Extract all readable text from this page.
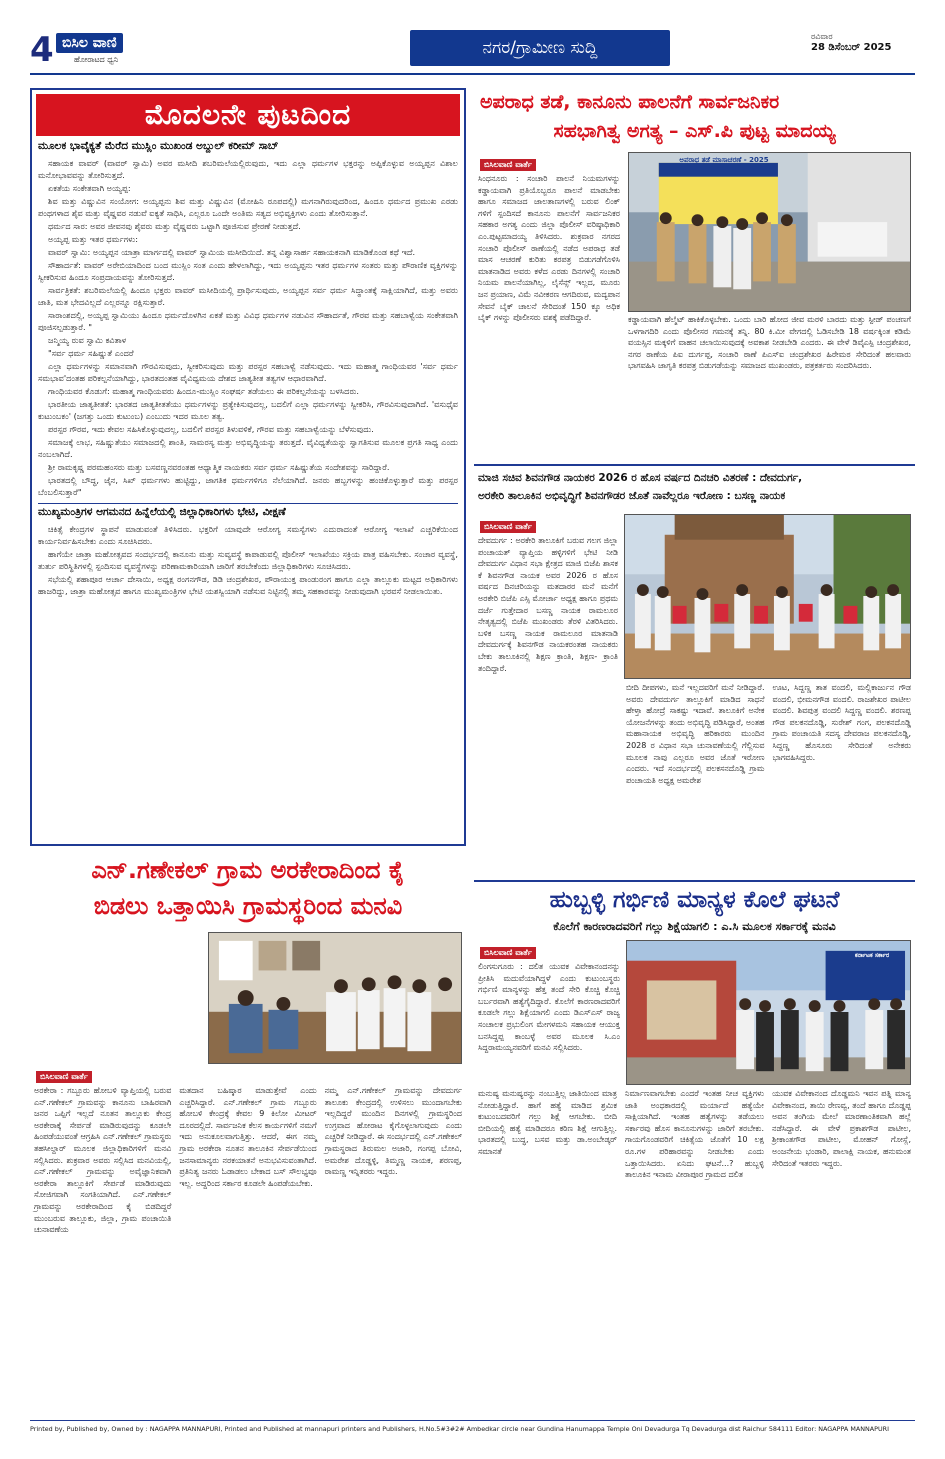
4 ಬಿಸಿಲ ವಾಣಿ
ಹೋರಾಟದ ಧ್ವನಿ
ನಗರ/ಗ್ರಾಮೀಣ ಸುದ್ದಿ
ರವಿವಾರ
28 ಡಿಸೆಂಬರ್ 2025
ಮೊದಲನೇ ಪುಟದಿಂದ
ಮೂಲಕ ಭಾವೈಕ್ಯತೆ ಮೆರೆದ ಮುಸ್ಲಿಂ ಮುಖಂಡ ಅಬ್ದುಲ್ ಕರೀಮ್ ಸಾಬ್

ಸಹಾಯಕ ವಾವರ್ (ವಾವರ್ ಸ್ವಾಮಿ) ಅವರ ಮಸೀದಿ ಶಬರಿಮಲೆಯಲ್ಲಿರುವುದು, ಇದು ಎಲ್ಲಾ ಧರ್ಮಗಳ ಭಕ್ತರನ್ನು ಅಪ್ಪಿಕೊಳ್ಳುವ ಅಯ್ಯಪ್ಪನ ವಿಶಾಲ ಮನೋಭಾವವನ್ನು ತೋರಿಸುತ್ತದೆ.

ಏಕತೆಯ ಸಂಕೇತವಾಗಿ ಅಯ್ಯಪ್ಪ:

ಶಿವ ಮತ್ತು ವಿಷ್ಣುವಿನ ಸಂಯೋಗ: ಅಯ್ಯಪ್ಪನು ಶಿವ ಮತ್ತು ವಿಷ್ಣುವಿನ (ಮೋಹಿನಿ ರೂಪದಲ್ಲಿ) ಮಗನಾಗಿರುವುದರಿಂದ, ಹಿಂದೂ ಧರ್ಮದ ಪ್ರಮುಖ ಎರಡು ಪಂಥಗಳಾದ ಶೈವ ಮತ್ತು ವೈಷ್ಣವರ ನಡುವೆ ಐಕ್ಯತೆ ಸಾಧಿಸಿ, ಎಲ್ಲರೂ ಒಂದೇ ಅಂತಿಮ ಸತ್ಯದ ಅಭಿವ್ಯಕ್ತಿಗಳು ಎಂದು ತೋರಿಸುತ್ತಾನೆ.

ಧರ್ಮದ ಸಾರ: ಅವರ ಜೀವನವು ಶೈವರು ಮತ್ತು ವೈಷ್ಣವರು ಒಟ್ಟಾಗಿ ಪೂಜಿಸುವ ಪ್ರೇರಣೆ ನೀಡುತ್ತದೆ.

ಅಯ್ಯಪ್ಪ ಮತ್ತು ಇತರ ಧರ್ಮಗಳು:

ವಾವರ್ ಸ್ವಾಮಿ: ಅಯ್ಯಪ್ಪನ ಯಾತ್ರಾ ಮಾರ್ಗದಲ್ಲಿ ವಾವರ್ ಸ್ವಾಮಿಯ ಮಸೀದಿಯಿದೆ. ತನ್ನ ವಿಶ್ವಾಸಾರ್ಹ ಸಹಾಯಕನಾಗಿ ಮಾಡಿಕೊಂಡ ಕಥೆ ಇದೆ.

ಸೌಹಾರ್ದತೆ: ವಾವರ್ ಅರೇಬಿಯಾದಿಂದ ಬಂದ ಮುಸ್ಲಿಂ ಸಂತ ಎಂದು ಹೇಳಲಾಗಿದ್ದು, ಇದು ಅಯ್ಯಪ್ಪನು ಇತರ ಧರ್ಮಗಳ ಸಂತರು ಮತ್ತು ಪೌರಾಣಿಕ ವ್ಯಕ್ತಿಗಳನ್ನು ಸ್ವೀಕರಿಸುವ ಹಿಂದೂ ಸಂಪ್ರದಾಯವನ್ನು ತೋರಿಸುತ್ತದೆ.

ಸಾರ್ವತ್ರಿಕತೆ: ಶಬರಿಮಲೆಯಲ್ಲಿ ಹಿಂದೂ ಭಕ್ತರು ವಾವರ್ ಮಸೀದಿಯಲ್ಲಿ ಪ್ರಾರ್ಥಿಸುವುದು, ಅಯ್ಯಪ್ಪನ ಸರ್ವ ಧರ್ಮ ಸಿದ್ಧಾಂತಕ್ಕೆ ಸಾಕ್ಷಿಯಾಗಿದೆ, ಮತ್ತು ಅವರು ಜಾತಿ, ಮತ ಭೇದವಿಲ್ಲದೆ ಎಲ್ಲರನ್ನೂ ರಕ್ಷಿಸುತ್ತಾರೆ.

ಸಾರಾಂಶದಲ್ಲಿ, ಅಯ್ಯಪ್ಪ ಸ್ವಾಮಿಯು ಹಿಂದೂ ಧರ್ಮದೊಳಗಿನ ಏಕತೆ ಮತ್ತು ವಿವಿಧ ಧರ್ಮಗಳ ನಡುವಿನ ಸೌಹಾರ್ದತೆ, ಗೌರವ ಮತ್ತು ಸಹಬಾಳ್ವೆಯ ಸಂಕೇತವಾಗಿ ಪೂಜಿಸಲ್ಪಡುತ್ತಾರೆ. "

ಜನ್ಮಿಯ್ಯ ರುವ ಸ್ವಾಮಿ ಕವಿತಾಳ

"ಸರ್ವ ಧರ್ಮ ಸಹಿಷ್ಣುತೆ ಎಂದರೆ

ಎಲ್ಲಾ ಧರ್ಮಗಳನ್ನು ಸಮಾನವಾಗಿ ಗೌರವಿಸುವುದು, ಸ್ವೀಕರಿಸುವುದು ಮತ್ತು ಪರಸ್ಪರ ಸಹಬಾಳ್ವೆ ನಡೆಸುವುದು. ಇದು ಮಹಾತ್ಮ ಗಾಂಧಿಯವರ 'ಸರ್ವ ಧರ್ಮ ಸಮಭಾವ'ದಂತಹ ಪರಿಕಲ್ಪನೆಯಾಗಿದ್ದು, ಭಾರತದಂತಹ ವೈವಿಧ್ಯಮಯ ದೇಶದ ಜಾತ್ಯತೀತ ತತ್ವಗಳ ಆಧಾರವಾಗಿದೆ.

ಗಾಂಧಿಯವರ ಕೊಡುಗೆ: ಮಹಾತ್ಮ ಗಾಂಧಿಯವರು ಹಿಂದೂ-ಮುಸ್ಲಿಂ ಸಂಘರ್ಷ ತಡೆಯಲು ಈ ಪರಿಕಲ್ಪನೆಯನ್ನು ಬಳಸಿದರು.

ಭಾರತೀಯ ಜಾತ್ಯತೀತತೆ: ಭಾರತದ ಜಾತ್ಯತೀತತೆಯು ಧರ್ಮಗಳನ್ನು ಪ್ರತ್ಯೇಕಿಸುವುದಲ್ಲ, ಬದಲಿಗೆ ಎಲ್ಲಾ ಧರ್ಮಗಳನ್ನು ಸ್ವೀಕರಿಸಿ, ಗೌರವಿಸುವುದಾಗಿದೆ. 'ವಸುಧೈವ ಕುಟುಂಬಕಂ' (ಜಗತ್ತು ಒಂದು ಕುಟುಂಬ) ಎಂಬುದು ಇದರ ಮೂಲ ತತ್ವ.

ಪರಸ್ಪರ ಗೌರವ, ಇದು ಕೇವಲ ಸಹಿಸಿಕೊಳ್ಳುವುದಲ್ಲ, ಬದಲಿಗೆ ಪರಸ್ಪರ ತಿಳುವಳಿಕೆ, ಗೌರವ ಮತ್ತು ಸಹಬಾಳ್ವೆಯನ್ನು ಬೆಳೆಸುವುದು.

ಸಮಾಜಕ್ಕೆ ಲಾಭ, ಸಹಿಷ್ಣುತೆಯು ಸಮಾಜದಲ್ಲಿ ಶಾಂತಿ, ಸಾಮರಸ್ಯ ಮತ್ತು ಅಭಿವೃದ್ಧಿಯನ್ನು ತರುತ್ತದೆ. ವೈವಿಧ್ಯತೆಯನ್ನು ಸ್ವಾಗತಿಸುವ ಮೂಲಕ ಪ್ರಗತಿ ಸಾಧ್ಯ ಎಂದು ನಂಬಲಾಗಿದೆ.

ಶ್ರೀ ರಾಮಕೃಷ್ಣ ಪರಮಹಂಸರು ಮತ್ತು ಬಸವಣ್ಣನವರಂತಹ ಆಧ್ಯಾತ್ಮಿಕ ನಾಯಕರು ಸರ್ವ ಧರ್ಮ ಸಹಿಷ್ಣುತೆಯ ಸಂದೇಶವನ್ನು ಸಾರಿದ್ದಾರೆ.

ಭಾರತದಲ್ಲಿ ಬೌದ್ಧ, ಜೈನ, ಸಿಖ್ ಧರ್ಮಗಳು ಹುಟ್ಟಿದ್ದು, ಜಾಗತಿಕ ಧರ್ಮಗಳಿಗೂ ನೆಲೆಯಾಗಿದೆ. ಜನರು ಹಬ್ಬಗಳನ್ನು ಹಂಚಿಕೊಳ್ಳುತ್ತಾರೆ ಮತ್ತು ಪರಸ್ಪರ ಬೆಂಬಲಿಸುತ್ತಾರೆ"

ಮುಖ್ಯಮಂತ್ರಿಗಳ ಆಗಮನದ ಹಿನ್ನೆಲೆಯಲ್ಲಿ ಜಿಲ್ಲಾಧಿಕಾರಿಗಳು ಭೇಟಿ, ವೀಕ್ಷಣೆ

ಚಿಕಿತ್ಸೆ ಕೇಂದ್ರಗಳ ಸ್ಥಾಪನೆ ಮಾಡುವಂತೆ ತಿಳಿಸಿದರು. ಭಕ್ತರಿಗೆ ಯಾವುದೇ ಆರೋಗ್ಯ ಸಮಸ್ಯೆಗಳು ಎದುರಾದಂತೆ ಆರೋಗ್ಯ ಇಲಾಖೆ ಎಚ್ಚರಿಕೆಯಿಂದ ಕಾರ್ಯನಿರ್ವಹಿಸಬೇಕು ಎಂದು ಸೂಚಿಸಿದರು.

ಹಾಗೆಯೇ ಜಾತ್ರಾ ಮಹೋತ್ಸವದ ಸಂದರ್ಭದಲ್ಲಿ ಕಾನೂನು ಮತ್ತು ಸುವ್ಯವಸ್ಥೆ ಕಾಪಾಡುವಲ್ಲಿ ಪೊಲೀಸ್ ಇಲಾಖೆಯು ಸಕ್ರಿಯ ಪಾತ್ರ ವಹಿಸಬೇಕು. ಸಂಚಾರ ವ್ಯವಸ್ಥೆ, ತುರ್ತು ಪರಿಸ್ಥಿತಿಗಳಲ್ಲಿ ಸ್ಪಂದಿಸುವ ವ್ಯವಸ್ಥೆಗಳನ್ನು ಪರಿಣಾಮಕಾರಿಯಾಗಿ ಜಾರಿಗೆ ತರಬೇಕೆಂದು ಜಿಲ್ಲಾಧಿಕಾರಿಗಳು ಸೂಚಿಸಿದರು.

ಸಭೆಯಲ್ಲಿ ಶಹಾಪೂರ ಆರ್ಚಾ ದೇಸಾಯಿ, ಅಧ್ಯಕ್ಷ ರಂಗನಗೌಡ, ಡಿಡಿ ಚಂದ್ರಶೇಖರ, ಪೌರಾಯುಕ್ತ ಪಾಂಡುರಂಗ ಹಾಗೂ ಎಲ್ಲಾ ತಾಲ್ಲೂಕು ಮಟ್ಟದ ಅಧಿಕಾರಿಗಳು ಹಾಜರಿದ್ದು, ಜಾತ್ರಾ ಮಹೋತ್ಸವ ಹಾಗೂ ಮುಖ್ಯಮಂತ್ರಿಗಳ ಭೇಟಿ ಯಶಸ್ವಿಯಾಗಿ ನಡೆಸುವ ನಿಟ್ಟಿನಲ್ಲಿ ತಮ್ಮ ಸಹಕಾರವನ್ನು ನೀಡುವುದಾಗಿ ಭರವಸೆ ನೀಡಲಾಯಿತು.

ಅಪರಾಧ ತಡೆ, ಕಾನೂನು ಪಾಲನೆಗೆ ಸಾರ್ವಜನಿಕರ
ಸಹಭಾಗಿತ್ವ ಅಗತ್ಯ – ಎಸ್.ಪಿ ಪುಟ್ಟ ಮಾದಯ್ಯ
ಬಿಸಿಲವಾಣಿ ವಾರ್ತೆ
ಸಿಂಧನೂರು : ಸಂಚಾರಿ ಪಾಲನೆ ನಿಯಮಗಳನ್ನು ಕಡ್ಡಾಯವಾಗಿ ಪ್ರತಿಯೊಬ್ಬರೂ ಪಾಲನೆ ಮಾಡಬೇಕು ಹಾಗೂ ಸಮಾಜದ ಜಾಲತಾಣಗಳಲ್ಲಿ ಬರುವ ಲಿಂಕ್ ಗಳಿಗೆ ಸ್ಪಂದಿಸದೆ ಕಾನೂನು ಪಾಲನೆಗೆ ಸಾರ್ವಜನಿಕರ ಸಹಕಾರ ಅಗತ್ಯ ಎಂದು ಜಿಲ್ಲಾ ಪೊಲೀಸ್ ವರಿಷ್ಠಾಧಿಕಾರಿ ಎಂ.ಪುಟ್ಟಮಾದಯ್ಯ ತಿಳಿಸಿದರು. ಶುಕ್ರವಾರ ನಗರದ ಸಂಚಾರಿ ಪೊಲೀಸ್ ಠಾಣೆಯಲ್ಲಿ ನಡೆದ ಅಪರಾಧ ತಡೆ ಮಾಸ ಆಚರಣೆ ಕುರಿತು ಕರಪತ್ರ ಬಿಡುಗಡೆಗೊಳಿಸಿ ಮಾತನಾಡಿದ ಅವರು ಕಳೆದ ಎರಡು ದಿನಗಳಲ್ಲಿ ಸಂಚಾರಿ ನಿಯಮ ಪಾಲನೆಯಾಗಿಲ್ಲ, ಲೈಸೆನ್ಸ್ ಇಲ್ಲದ, ಮೂರು ಜನ ಪ್ರಯಾಣ, ವಿಮೆ ನವೀಕರಣ ಆಗದಿರುವ, ಮದ್ಯಪಾನ ಸೇವನೆ ಬೈಕ್ ಚಾಲನೆ ಸೇರಿದಂತೆ 150 ಕ್ಕೂ ಅಧಿಕ ಬೈಕ್ ಗಳನ್ನು ಪೊಲೀಸರು ವಶಕ್ಕೆ ಪಡೆದಿದ್ದಾರೆ.
ಅಪರಾಧ ತಡೆ ಮಾಸಾಚರಣೆ - 2025
ಕಡ್ಡಾಯವಾಗಿ ಹೆಲ್ಮೆಟ್ ಹಾಕಿಕೊಳ್ಳಬೇಕು. ಒಂದು ಬಾರಿ ಹೋದ ಜೀವ ಮರಳಿ ಬಾರದು ಮತ್ತು ಸ್ಪೀಡ್ ಪಂಚಣಗೆ ಒಳಗಾಗದಿರಿ ಎಂದು ಪೊಲೀಸರ ಗಮನಕ್ಕೆ ತನ್ನಿ. 80 ಕಿ.ಮೀ ವೇಗದಲ್ಲಿ ಓಡಿಸಬೇಡಿ 18 ವರ್ಷಕ್ಕಿಂತ ಕಡಿಮೆ ವಯಸ್ಸಿನ ಮಕ್ಕಳಿಗೆ ವಾಹನ ಚಲಾಯಿಸುವುದಕ್ಕೆ ಅವಕಾಶ ನೀಡಬೇಡಿ ಎಂದರು. ಈ ವೇಳೆ ಡಿವೈಎಸ್ಪಿ ಚಂದ್ರಶೇಖರ, ನಗರ ಠಾಣೆಯ ಪಿಐ ದುರ್ಗಪ್ಪ, ಸಂಚಾರಿ ಠಾಣೆ ಪಿಎಸ್ಐ ಚಂದ್ರಶೇಖರ ಹಿರೇಮಠ ಸೇರಿದಂತೆ ಹಲವಾರು ಭಾಗವಹಿಸಿ ಜಾಗೃತಿ ಕರಪತ್ರ ಬಿಡುಗಡೆಯನ್ನು ಸಮಾಜದ ಮುಖಂಡರು, ಪತ್ರಕರ್ತರು ಸಂದರಿಸಿದರು.
ಮಾಜಿ ಸಚಿವ ಶಿವನಗೌಡ ನಾಯಕರ 2026 ರ ಹೊಸ ವರ್ಷದ ದಿನಚರಿ ವಿತರಣೆ : ದೇವದುರ್ಗ,
ಅರಕೇರಿ ತಾಲೂಕಿನ ಅಭಿವೃದ್ಧಿಗೆ ಶಿವನಗೌಡರ ಜೊತೆ ನಾವೆಲ್ಲರೂ ಇರೋಣ : ಬಸಣ್ಣ ನಾಯಕ
ಬಿಸಿಲವಾಣಿ ವಾರ್ತೆ
ದೇವದುರ್ಗ : ಅರಕೇರಿ ತಾಲೂಕಿಗೆ ಬರುವ ಗಲಗ ಜಿಲ್ಲಾ ಪಂಚಾಯತ್ ವ್ಯಾಪ್ತಿಯ ಹಳ್ಳಿಗಳಿಗೆ ಭೇಟಿ ನೀಡಿ ದೇವದುರ್ಗ ವಿಧಾನ ಸಭಾ ಕ್ಷೇತ್ರದ ಮಾಜಿ ಬಿಜೆಪಿ ಶಾಸಕ ಕೆ ಶಿವನಗೌಡ ನಾಯಕ ಅವರ 2026 ರ ಹೊಸ ವರ್ಷದ ದಿನಚರಿಯನ್ನು ಮತದಾರರ ಮನೆ ಮನೆಗೆ ಅರಕೇರಿ ಬಿಜೆಪಿ ಎಸ್ಸಿ ಮೋರ್ಚಾ ಅಧ್ಯಕ್ಷ ಹಾಗೂ ಪ್ರಥಮ ದರ್ಜೆ ಗುತ್ತೇದಾರ ಬಸಣ್ಣ ನಾಯಕ ರಾಮಲೂರ ನೇತೃತ್ವದಲ್ಲಿ ಬಿಜೆಪಿ ಮುಖಂಡರು ತೆರಳಿ ವಿತರಿಸಿದರು. ಬಳಿಕ ಬಸಣ್ಣ ನಾಯಕ ರಾಮಲೂರ ಮಾತನಾಡಿ ದೇವದುರ್ಗಕ್ಕೆ ಶಿವನಗೌಡ ನಾಯಕರಂತಹ ನಾಯಕರು ಬೇಕು ತಾಲೂಕಿನಲ್ಲಿ ಶಿಕ್ಷಣ ಕ್ರಾಂತಿ, ಶಿಕ್ಷಣ- ಕ್ರಾಂತಿ ತಂದಿದ್ದಾರೆ.
ಬೀದಿ ದೀಪಗಳು, ಮನೆ ಇಲ್ಲದವರಿಗೆ ಮನೆ ನೀಡಿದ್ದಾರೆ. ಅವರು ದೇವದುರ್ಗ ತಾಲ್ಲೂಕಿಗೆ ಮಾಡಿದ ಸಾಧನೆ ಹೇಳ್ತಾ ಹೋದ್ರೆ ಸಾಕಷ್ಟು ಇದಾವೆ. ತಾಲೂಕಿಗೆ ಅನೇಕ ಯೋಜನೆಗಳನ್ನು ತಂದು ಅಭಿವೃದ್ಧಿ ಪಡಿಸಿದ್ದಾರೆ, ಅಂತಹ ಮಹಾನಾಯಕ ಅಭಿವೃದ್ಧಿ ಹರಿಕಾರರು ಮುಂದಿನ 2028 ರ ವಿಧಾನ ಸಭಾ ಚುನಾವಣೆಯಲ್ಲಿ ಗೆಲ್ಲಿಸುವ ಮೂಲಕ ನಾವು ಎಲ್ಲರೂ ಅವರ ಜೊತೆ ಇರೋಣ ಎಂದರು. ಇದೆ ಸಂದರ್ಭದಲ್ಲಿ ಪಲಕಸನದೊಡ್ಡಿ ಗ್ರಾಮ ಪಂಚಾಯತಿ ಅಧ್ಯಕ್ಷ ಅಮರೇಶ
ಊಟ, ಸಿದ್ದಣ್ಣ ತಾತ ವಂದಲಿ, ಮಲ್ಲಿಕಾರ್ಜುನ ಗೌಡ ವಂದಲಿ, ಭೀಮನಗೌಡ ವಂದಲಿ. ರಾಜಶೇಖರ ಪಾಟೀಲ ವಂದಲಿ. ಶಿವಪುತ್ರ ವಂದಲಿ ಸಿದ್ದಣ್ಣ ವಂದಲಿ. ಶರಣಪ್ಪ ಗೌಡ ಪಲಕನದೊಡ್ಡಿ, ಸುರೇಶ್ ಗಂಗ, ಪಲಕನದೊಡ್ಡಿ ಗ್ರಾಮ ಪಂಚಾಯತಿ ಸದಸ್ಯ ದೇವರಾಜ ಪಲಕನದೊಡ್ಡಿ, ಸಿದ್ದಣ್ಣ ಹೊಸೂರು ಸೇರಿದಂತೆ ಅನೇಕರು ಭಾಗವಹಿಸಿದ್ದರು.
ಎನ್.ಗಣೇಕಲ್ ಗ್ರಾಮ ಅರಕೇರಾದಿಂದ ಕೈ
ಬಿಡಲು ಒತ್ತಾಯಿಸಿ ಗ್ರಾಮಸ್ಥರಿಂದ ಮನವಿ
ಬಿಸಿಲವಾಣಿ ವಾರ್ತೆ
ಅರಕೇರಾ : ಗಬ್ಬೂರು ಹೋಬಳಿ ವ್ಯಾಪ್ತಿಯಲ್ಲಿ ಬರುವ ಎನ್.ಗಣೇಕಲ್ ಗ್ರಾಮವನ್ನು ಕಾನೂನು ಬಾಹಿರವಾಗಿ ಜನರ ಒಪ್ಪಿಗೆ ಇಲ್ಲದೆ ನೂತನ ತಾಲ್ಲೂಕು ಕೇಂದ್ರ ಅರಕೇರಾಕ್ಕೆ ಸೇರ್ಪಡೆ ಮಾಡಿರುವುದನ್ನು ಕೂಡಲೇ ಹಿಂಪಡೆಯುವಂತೆ ಆಗ್ರಹಿಸಿ ಎನ್.ಗಣೇಕಲ್ ಗ್ರಾಮಸ್ಥರು ತಹಸೀಲ್ದಾರ್ ಮೂಲಕ ಜಿಲ್ಲಾಧಿಕಾರಿಗಳಿಗೆ ಮನವಿ ಸಲ್ಲಿಸಿದರು. ಶುಕ್ರವಾರ ಅವರು ಸಲ್ಲಿಸಿದ ಮನವಿಯಲ್ಲಿ, ಎನ್.ಗಣೇಕಲ್ ಗ್ರಾಮವನ್ನು ಅವೈಜ್ಞಾನಿಕವಾಗಿ ಅರಕೇರಾ ತಾಲ್ಲೂಕಿಗೆ ಸೇರ್ಪಡೆ ಮಾಡಿರುವುದು ಸೋಜಿಗವಾಗಿ ಸಂಗತಿಯಾಗಿದೆ. ಎನ್.ಗಣೇಕಲ್ ಗ್ರಾಮವನ್ನು ಅರಕೇರಾದಿಂದ ಕೈ ಬಿಡದಿದ್ದರೆ ಮುಂಬರುವ ತಾಲ್ಲೂಕು, ಜಿಲ್ಲಾ, ಗ್ರಾಮ ಪಂಚಾಯಿತಿ ಚುನಾವಣೆಯ
ಮತದಾನ ಬಹಿಷ್ಕಾರ ಮಾಡುತ್ತೇವೆ ಎಂದು ಎಚ್ಚರಿಸಿದ್ದಾರೆ. ಎನ್.ಗಣೇಕಲ್ ಗ್ರಾಮ ಗಬ್ಬೂರು ಹೋಬಳಿ ಕೇಂದ್ರಕ್ಕೆ ಕೇವಲ 9 ಕಿಲೋ ಮೀಟರ್ ದೂರದಲ್ಲಿದೆ. ಸಾರ್ವಜನಿಕ ಕೆಲಸ ಕಾರ್ಯಗಳಿಗೆ ನಮಗೆ ಇದು ಅನುಕೂಲವಾಗುತ್ತಿತ್ತು. ಆದರೆ, ಈಗ ನಮ್ಮ ಗ್ರಾಮ ಅರಕೇರಾ ನೂತನ ತಾಲೂಕಿನ ಸೇರ್ಪಡೆಯಿಂದ ಜನಸಾಮಾನ್ಯರು ನರಕಯಾತನೆ ಅನುಭವಿಸುವಂತಾಗಿದೆ. ಪ್ರತಿನಿತ್ಯ ಜನರು ಓಡಾಡಲು ಬೇಕಾದ ಬಸ್ ಸೌಲಭ್ಯವೂ ಇಲ್ಲ. ಅದ್ದರಿಂದ ಸರ್ಕಾರ ಕೂಡಲೇ ಹಿಂಪಡೆಯಬೇಕು.
ನಮ್ಮ ಎನ್.ಗಣೇಕಲ್ ಗ್ರಾಮವನ್ನು ದೇವದುರ್ಗ ತಾಲೂಕು ಕೇಂದ್ರದಲ್ಲಿ ಉಳಿಸಲು ಮುಂದಾಗಬೇಕು ಇಲ್ಲದಿದ್ದರೆ ಮುಂದಿನ ದಿನಗಳಲ್ಲಿ ಗ್ರಾಮಸ್ಥರಿಂದ ಉಗ್ರವಾದ ಹೋರಾಟ ಕೈಗೊಳ್ಳಲಾಗುವುದು ಎಂದು ಎಚ್ಚರಿಕೆ ನೀಡಿದ್ದಾರೆ. ಈ ಸಂದರ್ಭದಲ್ಲಿ ಎನ್.ಗಣೇಕಲ್ ಗ್ರಾಮಸ್ಥರಾದ ತಿರುಮಲ ಅಜಾರಿ, ಗಂಗಪ್ಪ ಬೋವಿ, ಅಮರೇಶ ದೊಡ್ಡಳ್ಳಿ, ತಿಮ್ಮಣ್ಣ ನಾಯಕ, ಶರಣಪ್ಪ, ರಾಮಣ್ಣ ಇನ್ನಿತರರು ಇದ್ದರು.
ಹುಬ್ಬಳ್ಳಿ ಗರ್ಭಿಣಿ ಮಾನ್ಯಳ ಕೊಲೆ ಘಟನೆ
ಕೊಲೆಗೆ ಕಾರಣರಾದವರಿಗೆ ಗಲ್ಲು ಶಿಕ್ಷೆಯಾಗಲಿ : ಎ.ಸಿ ಮೂಲಕ ಸರ್ಕಾರಕ್ಕೆ ಮನವಿ
ಬಿಸಿಲವಾಣಿ ವಾರ್ತೆ
ಲಿಂಗಸುಗೂರು : ದಲಿತ ಯುವಕ ವಿವೇಕಾನಂದನನ್ನು ಪ್ರೀತಿಸಿ ಮದುವೆಯಾಗಿದ್ದಳೆ ಎಂದು ಕುಟುಂಬಸ್ಥರು ಗರ್ಭಿಣಿ ಮಾನ್ಯಳನ್ನು ಹೆತ್ತ ತಂದೆ ಸೇರಿ ಕೊಚ್ಚಿ ಕೊಚ್ಚಿ ಬರ್ಬರವಾಗಿ ಹತ್ಯೆಗೈದಿದ್ದಾರೆ. ಕೊಲೆಗೆ ಕಾರಣರಾದವರಿಗೆ ಕೂಡಲೇ ಗಲ್ಲು ಶಿಕ್ಷೆಯಾಗಲಿ ಎಂದು ಡಿಎಸ್‌ಎಸ್ ರಾಜ್ಯ ಸಂಚಾಲಕ ಪ್ರಭುಲಿಂಗ ಮೇಗಳಮನಿ ಸಹಾಯಕ ಆಯುಕ್ತ ಬನಸಿದ್ದಪ್ಪ ಕಾಂಬಳ್ಳೆ ಅವರ ಮೂಲಕ ಸಿ.ಎಂ ಸಿದ್ದರಾಮಯ್ಯನವರಿಗೆ ಮನವಿ ಸಲ್ಲಿಸಿದರು.
ಕರ್ನಾಟಕ ಸರ್ಕಾರ
ಮನುಷ್ಯ ಮನುಷ್ಯರನ್ನು ನಂಬುತ್ತಿಲ್ಲ ಜಾತಿಯಿಂದ ಮಾತ್ರ ನೋಡುತ್ತಿದ್ದಾರೆ. ಹಾಗೆ ಹತ್ಯೆ ಮಾಡಿದ ಶ್ರಮಿಕ ಕುಟುಂಬದವರಿಗೆ ಗಲ್ಲು ಶಿಕ್ಷೆ ಆಗಬೇಕು. ಬೀದಿ ಬೀದಿಯಲ್ಲಿ ಹತ್ಯೆ ಮಾಡಿದರೂ ಕಠಿಣ ಶಿಕ್ಷೆ ಆಗುತ್ತಿಲ್ಲ. ಭಾರತದಲ್ಲಿ ಬುದ್ಧ, ಬಸವ ಮತ್ತು ಡಾ.ಅಂಬೇಡ್ಕರ್ ಸಮಾನತೆ
ನಿರ್ಮಾಣವಾಗಬೇಕು ಎಂದರೆ ಇಂತಹ ನೀಚ ವ್ಯಕ್ತಿಗಳು ಜಾತಿ ಅಂಧಕಾರದಲ್ಲಿ ಮರ್ಯಾದೆ ಹತ್ಯೆಯೇ ಸಾಕ್ಷಿಯಾಗಿದೆ. ಇಂತಹ ಹತ್ಯೆಗಳನ್ನು ತಡೆಯಲು ಸರ್ಕಾರವು ಹೊಸ ಕಾನೂನುಗಳನ್ನು ಜಾರಿಗೆ ತರಬೇಕು. ಗಾಯಗೊಂಡವರಿಗೆ ಚಿಕಿತ್ಸೆಯ ಜೊತೆಗೆ 10 ಲಕ್ಷ ರೂ.ಗಳ ಪರಿಹಾರವನ್ನು ನೀಡಬೇಕು ಎಂದು ಒತ್ತಾಯಿಸಿದರು. ಏನಿದು ಘಟನೆ...? ಹುಬ್ಬಳ್ಳಿ ತಾಲೂಕಿನ ಇನಾಮ ವೀರಾಪೂರ ಗ್ರಾಮದ ದಲಿತ
ಯುವಕ ವಿವೇಕಾನಂದ ದೊಡ್ಡಮನಿ ಇವನ ಪತ್ನಿ ಮಾನ್ಯ ವಿವೇಕಾನಂದ, ತಾಯಿ ರೇಣವ್ವ, ತಂದೆ ಹಾಗೂ ದೊಡ್ಡಪ್ಪ ಅವನ ತಂಗಿಯ ಮೇಲೆ ಮಾರಣಾಂತಿಕವಾಗಿ ಹಲ್ಲೆ ನಡೆಸಿದ್ದಾರೆ. ಈ ವೇಳೆ ಪ್ರಕಾಶಗೌಡ ಪಾಟೀಲ, ಶ್ರೀಕಾಂತಗೌಡ ಪಾಟೀಲ, ಮೋಹನ್ ಗೋಸ್ಲೆ, ಅಂಜನೇಯ ಭಂಡಾರಿ, ಪಾಲಾಕ್ಷಿ ನಾಯಕ, ಹನುಮಂತ ಸೇರಿದಂತೆ ಇತರರು ಇದ್ದರು.
Printed by, Published by, Owned by : NAGAPPA MANNAPURI, Printed and Published at mannapuri printers and Publishers, H.No.5#3#2# Ambedkar circle near Gundina Hanumappa Temple Oni Devadurga Tq Devadurga dist Raichur 584111 Editor: NAGAPPA MANNAPURI
